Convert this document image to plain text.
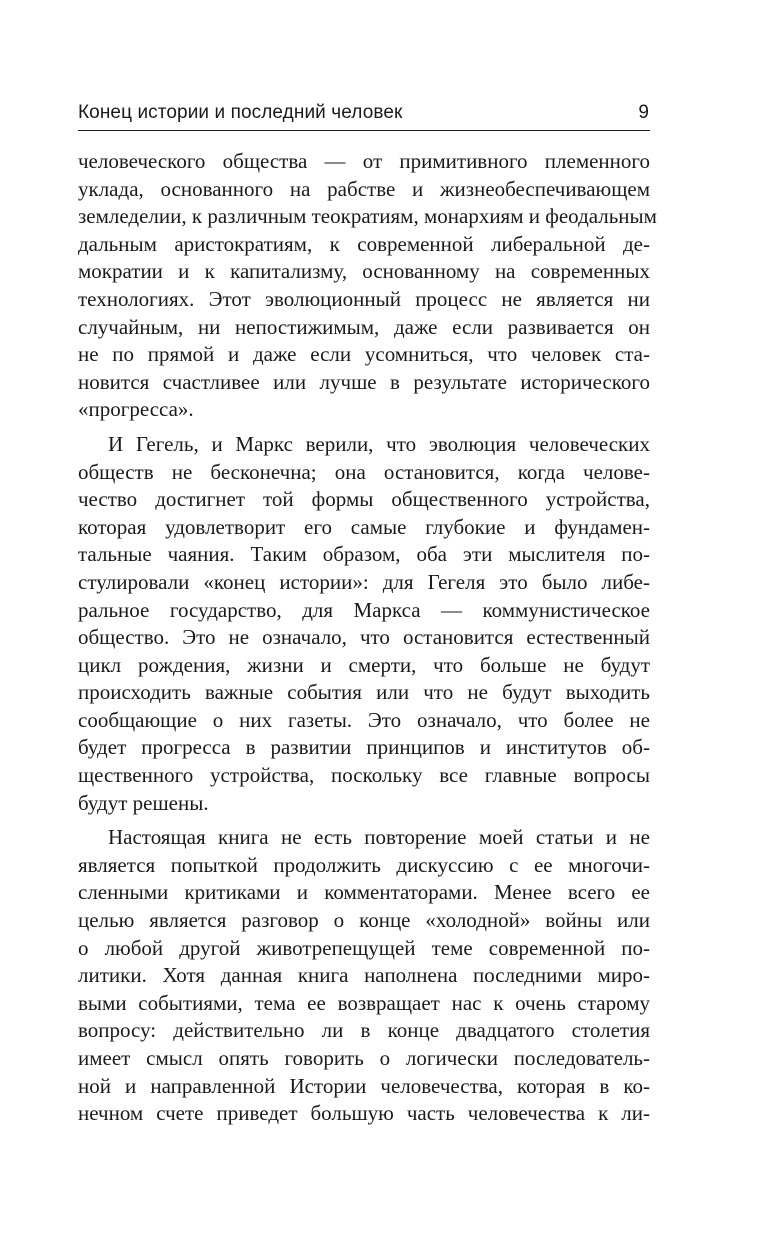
Конец истории и последний человек	9
человеческого общества — от примитивного племенного
уклада, основанного на рабстве и жизнеобеспечивающем
земледелии, к различным теократиям, монархиям и феодальным
дальным аристократиям, к современной либеральной де-
мократии и к капитализму, основанному на современных
технологиях. Этот эволюционный процесс не является ни
случайным, ни непостижимым, даже если развивается он
не по прямой и даже если усомниться, что человек ста-
новится счастливее или лучше в результате исторического
«прогресса».
И Гегель, и Маркс верили, что эволюция человеческих
обществ не бесконечна; она остановится, когда челове-
чество достигнет той формы общественного устройства,
которая удовлетворит его самые глубокие и фундамен-
тальные чаяния. Таким образом, оба эти мыслителя по-
стулировали «конец истории»: для Гегеля это было либе-
ральное государство, для Маркса — коммунистическое
общество. Это не означало, что остановится естественный
цикл рождения, жизни и смерти, что больше не будут
происходить важные события или что не будут выходить
сообщающие о них газеты. Это означало, что более не
будет прогресса в развитии принципов и институтов об-
щественного устройства, поскольку все главные вопросы
будут решены.
Настоящая книга не есть повторение моей статьи и не
является попыткой продолжить дискуссию с ее многочи-
сленными критиками и комментаторами. Менее всего ее
целью является разговор о конце «холодной» войны или
о любой другой животрепещущей теме современной по-
литики. Хотя данная книга наполнена последними миро-
выми событиями, тема ее возвращает нас к очень старому
вопросу: действительно ли в конце двадцатого столетия
имеет смысл опять говорить о логически последователь-
ной и направленной Истории человечества, которая в ко-
нечном счете приведет большую часть человечества к ли-
